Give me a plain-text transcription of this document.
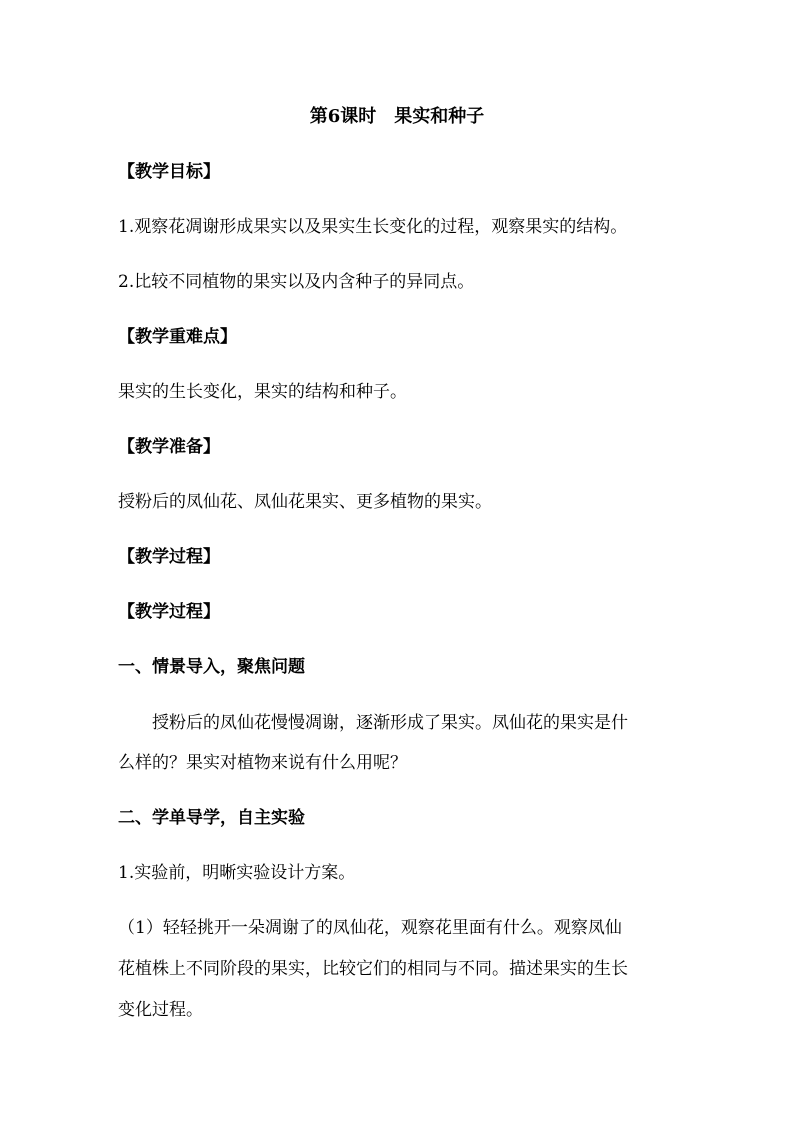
第6课时　果实和种子
【教学目标】
1.观察花凋谢形成果实以及果实生长变化的过程，观察果实的结构。
2.比较不同植物的果实以及内含种子的异同点。
【教学重难点】
果实的生长变化，果实的结构和种子。
【教学准备】
授粉后的凤仙花、凤仙花果实、更多植物的果实。
【教学过程】
【教学过程】
一、情景导入，聚焦问题
授粉后的凤仙花慢慢凋谢，逐渐形成了果实。凤仙花的果实是什
么样的？果实对植物来说有什么用呢？
二、学单导学，自主实验
1.实验前，明晰实验设计方案。
（1）轻轻挑开一朵凋谢了的凤仙花，观察花里面有什么。观察凤仙
花植株上不同阶段的果实，比较它们的相同与不同。描述果实的生长
变化过程。
